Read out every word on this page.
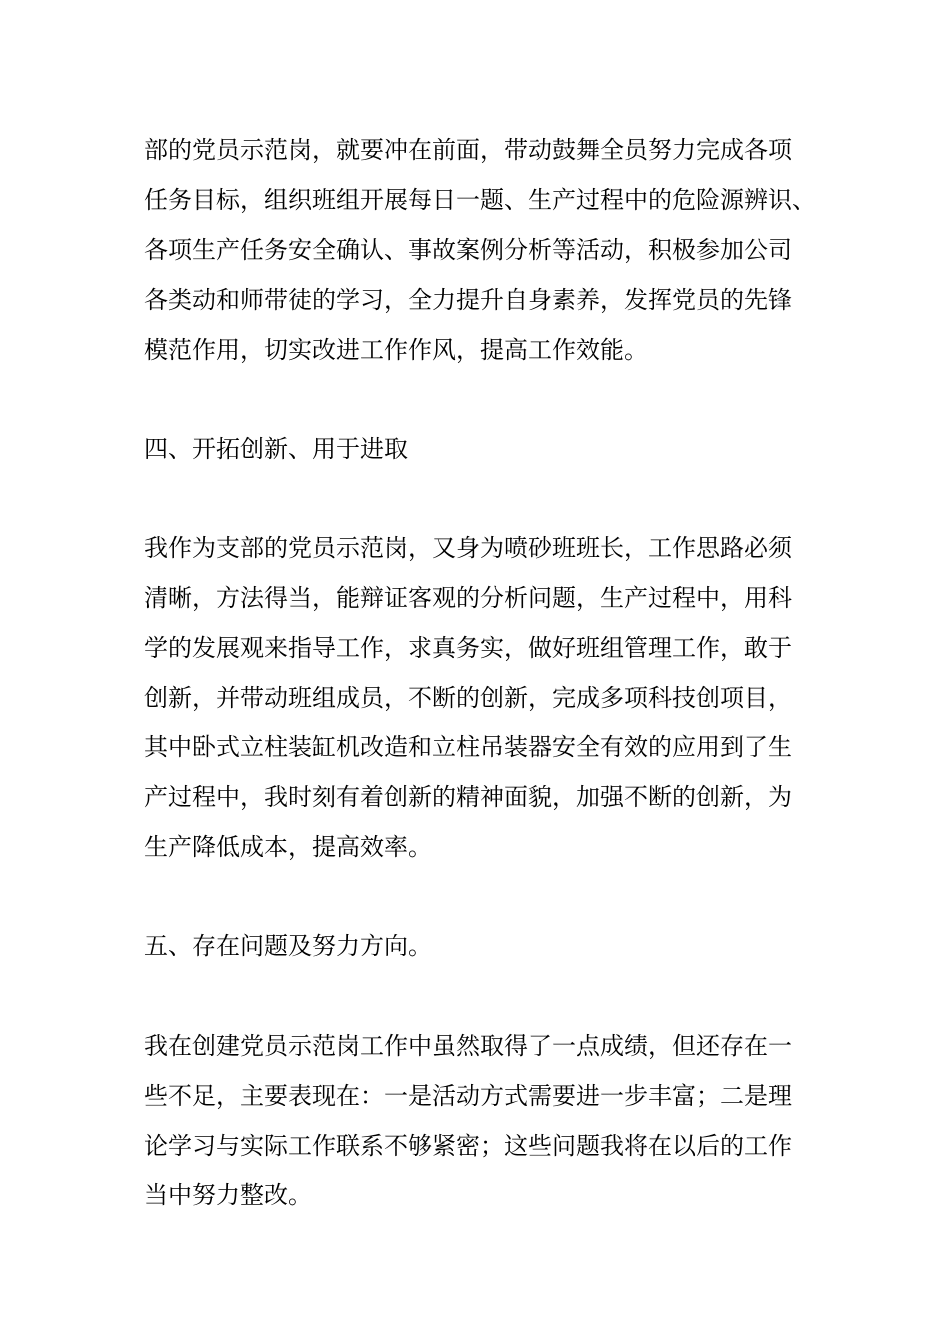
部的党员示范岗，就要冲在前面，带动鼓舞全员努力完成各项

任务目标，组织班组开展每日一题、生产过程中的危险源辨识、

各项生产任务安全确认、事故案例分析等活动，积极参加公司

各类动和师带徒的学习，全力提升自身素养，发挥党员的先锋

模范作用，切实改进工作作风，提高工作效能。

四、开拓创新、用于进取

我作为支部的党员示范岗，又身为喷砂班班长，工作思路必须

清晰，方法得当，能辩证客观的分析问题，生产过程中，用科

学的发展观来指导工作，求真务实，做好班组管理工作，敢于

创新，并带动班组成员，不断的创新，完成多项科技创项目，

其中卧式立柱装缸机改造和立柱吊装器安全有效的应用到了生

产过程中，我时刻有着创新的精神面貌，加强不断的创新，为

生产降低成本，提高效率。

五、存在问题及努力方向。

我在创建党员示范岗工作中虽然取得了一点成绩，但还存在一

些不足，主要表现在：一是活动方式需要进一步丰富；二是理

论学习与实际工作联系不够紧密；这些问题我将在以后的工作

当中努力整改。
